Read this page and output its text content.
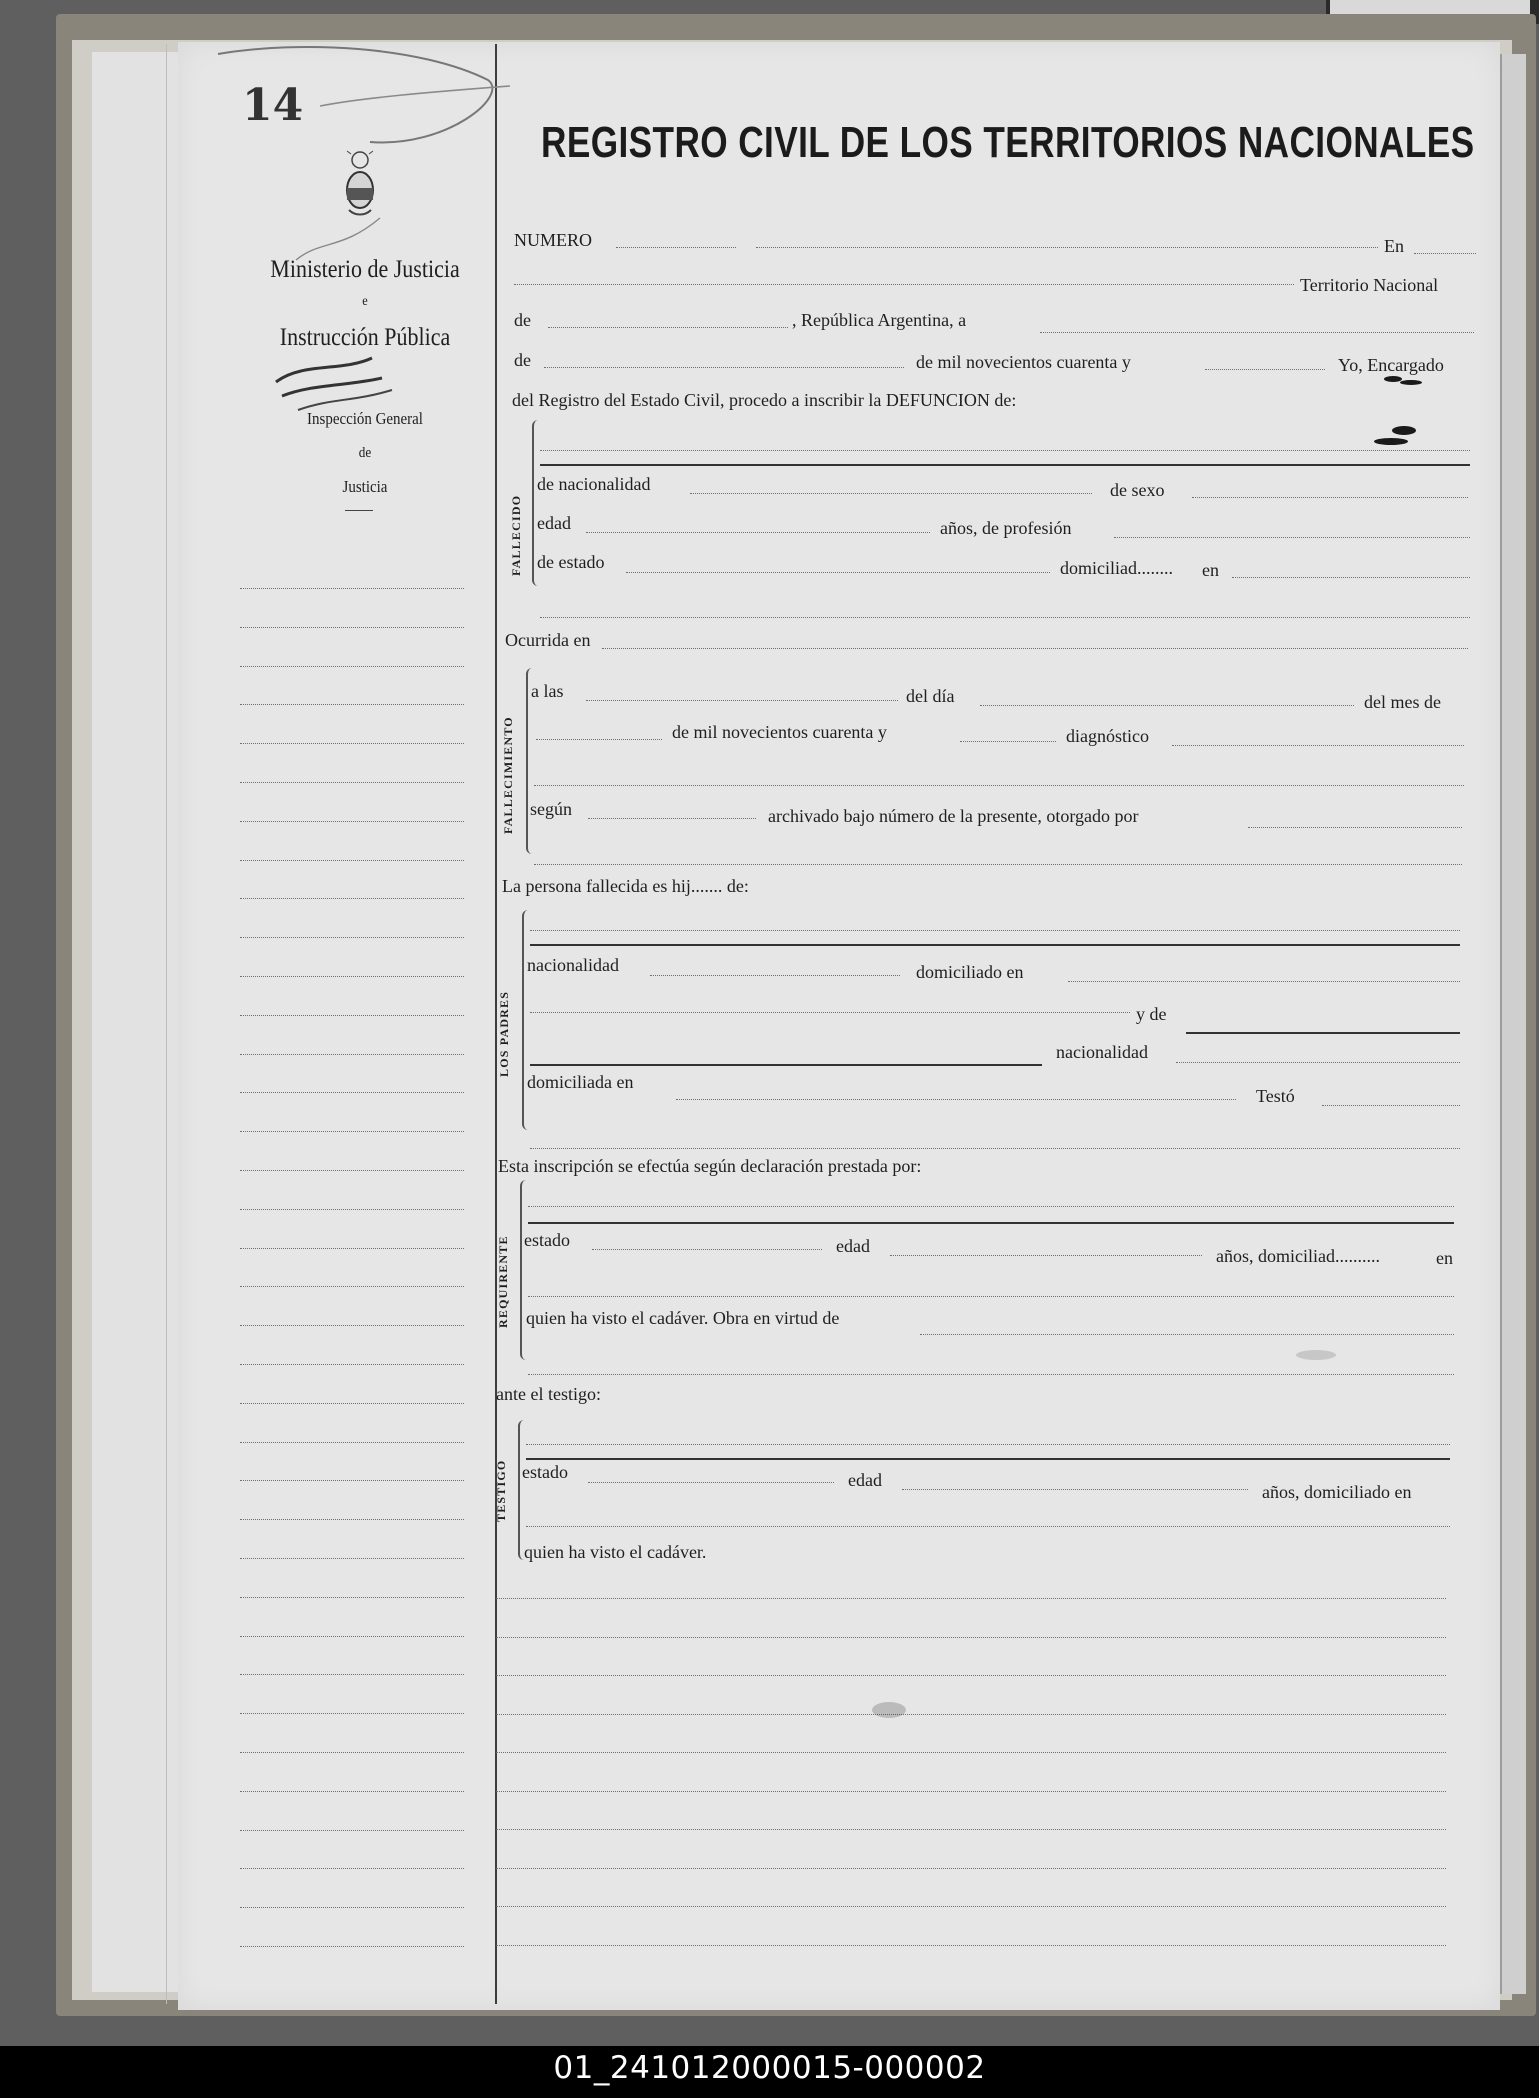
14
Ministerio de Justicia
e
Instrucción Pública
Inspección General
de
Justicia
REGISTRO CIVIL DE LOS TERRITORIOS NACIONALES
NUMERO	En
Territorio Nacional
de	, República Argentina, a
de	de mil novecientos cuarenta y	Yo, Encargado
del Registro del Estado Civil, procedo a inscribir la DEFUNCION de:
FALLECIDO
de nacionalidad	de sexo
edad	años, de profesión
de estado	domiciliad........ en
Ocurrida en
FALLECIMIENTO
a las	del día	del mes de
de mil novecientos cuarenta y	diagnóstico
según	archivado bajo número de la presente, otorgado por
La persona fallecida es hij....... de:
LOS PADRES
nacionalidad	domiciliado en
y de
nacionalidad
domiciliada en
Testó
Esta inscripción se efectúa según declaración prestada por:
REQUIRENTE estado	edad	años, domiciliad..........	en
quien ha visto el cadáver. Obra en virtud de
ante el testigo:
TESTIGO estado	edad
años, domiciliado en
quien ha visto el cadáver.
01_241012000015-000002
